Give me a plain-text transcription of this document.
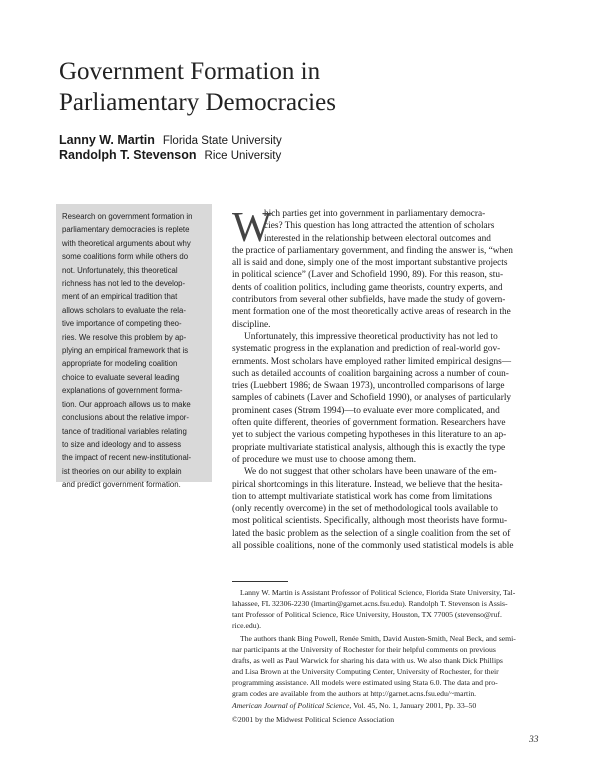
Government Formation in
Parliamentary Democracies
Lanny W. Martin Florida State University
Randolph T. Stevenson Rice University
Research on government formation in
parliamentary democracies is replete
with theoretical arguments about why
some coalitions form while others do
not. Unfortunately, this theoretical
richness has not led to the develop-
ment of an empirical tradition that
allows scholars to evaluate the rela-
tive importance of competing theo-
ries. We resolve this problem by ap-
plying an empirical framework that is
appropriate for modeling coalition
choice to evaluate several leading
explanations of government forma-
tion. Our approach allows us to make
conclusions about the relative impor-
tance of traditional variables relating
to size and ideology and to assess
the impact of recent new-institutional-
ist theories on our ability to explain
and predict government formation.
W
hich parties get into government in parliamentary democra-
cies? This question has long attracted the attention of scholars
interested in the relationship between electoral outcomes and
the practice of parliamentary government, and finding the answer is, “when
all is said and done, simply one of the most important substantive projects
in political science” (Laver and Schofield 1990, 89). For this reason, stu-
dents of coalition politics, including game theorists, country experts, and
contributors from several other subfields, have made the study of govern-
ment formation one of the most theoretically active areas of research in the
discipline.
Unfortunately, this impressive theoretical productivity has not led to
systematic progress in the explanation and prediction of real-world gov-
ernments. Most scholars have employed rather limited empirical designs—
such as detailed accounts of coalition bargaining across a number of coun-
tries (Luebbert 1986; de Swaan 1973), uncontrolled comparisons of large
samples of cabinets (Laver and Schofield 1990), or analyses of particularly
prominent cases (Strøm 1994)—to evaluate ever more complicated, and
often quite different, theories of government formation. Researchers have
yet to subject the various competing hypotheses in this literature to an ap-
propriate multivariate statistical analysis, although this is exactly the type
of procedure we must use to choose among them.
We do not suggest that other scholars have been unaware of the em-
pirical shortcomings in this literature. Instead, we believe that the hesita-
tion to attempt multivariate statistical work has come from limitations
(only recently overcome) in the set of methodological tools available to
most political scientists. Specifically, although most theorists have formu-
lated the basic problem as the selection of a single coalition from the set of
all possible coalitions, none of the commonly used statistical models is able
Lanny W. Martin is Assistant Professor of Political Science, Florida State University, Tal-
lahassee, FL 32306-2230 (lmartin@garnet.acns.fsu.edu). Randolph T. Stevenson is Assis-
tant Professor of Political Science, Rice University, Houston, TX 77005 (stevenso@ruf.
rice.edu).
The authors thank Bing Powell, Renée Smith, David Austen-Smith, Neal Beck, and semi-
nar participants at the University of Rochester for their helpful comments on previous
drafts, as well as Paul Warwick for sharing his data with us. We also thank Dick Phillips
and Lisa Brown at the University Computing Center, University of Rochester, for their
programming assistance. All models were estimated using Stata 6.0. The data and pro-
gram codes are available from the authors at http://garnet.acns.fsu.edu/~martin.
American Journal of Political Science, Vol. 45, No. 1, January 2001, Pp. 33–50
©2001 by the Midwest Political Science Association
33
